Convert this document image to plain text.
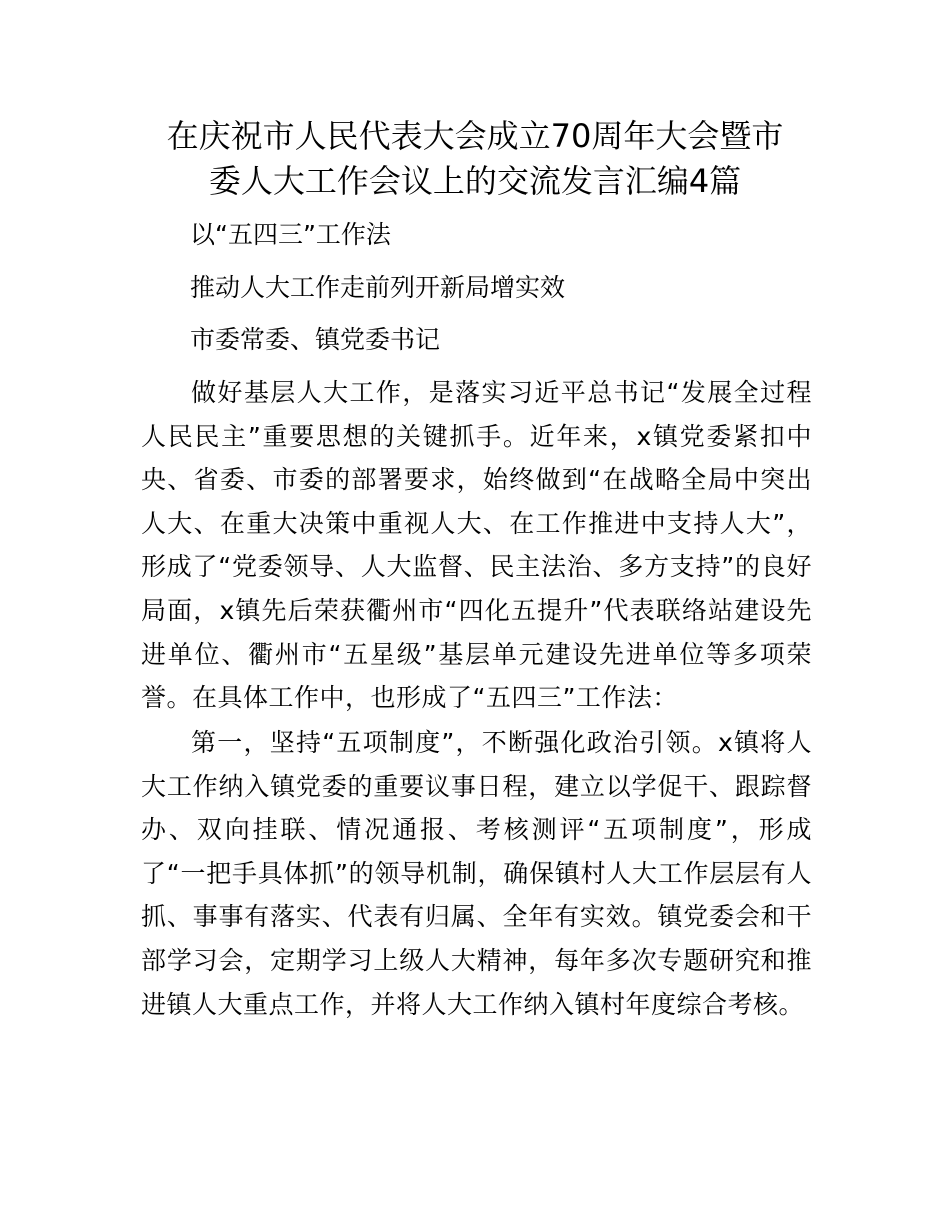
在庆祝市人民代表大会成立70周年大会暨市
委人大工作会议上的交流发言汇编4篇

以“五四三”工作法

推动人大工作走前列开新局增实效

市委常委、镇党委书记

做好基层人大工作，是落实习近平总书记“发展全过程人民民主”重要思想的关键抓手。近年来，x镇党委紧扣中央、省委、市委的部署要求，始终做到“在战略全局中突出人大、在重大决策中重视人大、在工作推进中支持人大”，形成了“党委领导、人大监督、民主法治、多方支持”的良好局面，x镇先后荣获衢州市“四化五提升”代表联络站建设先进单位、衢州市“五星级”基层单元建设先进单位等多项荣誉。在具体工作中，也形成了“五四三”工作法：

第一，坚持“五项制度”，不断强化政治引领。x镇将人大工作纳入镇党委的重要议事日程，建立以学促干、跟踪督办、双向挂联、情况通报、考核测评“五项制度”，形成了“一把手具体抓”的领导机制，确保镇村人大工作层层有人抓、事事有落实、代表有归属、全年有实效。镇党委会和干部学习会，定期学习上级人大精神，每年多次专题研究和推进镇人大重点工作，并将人大工作纳入镇村年度综合考核。
